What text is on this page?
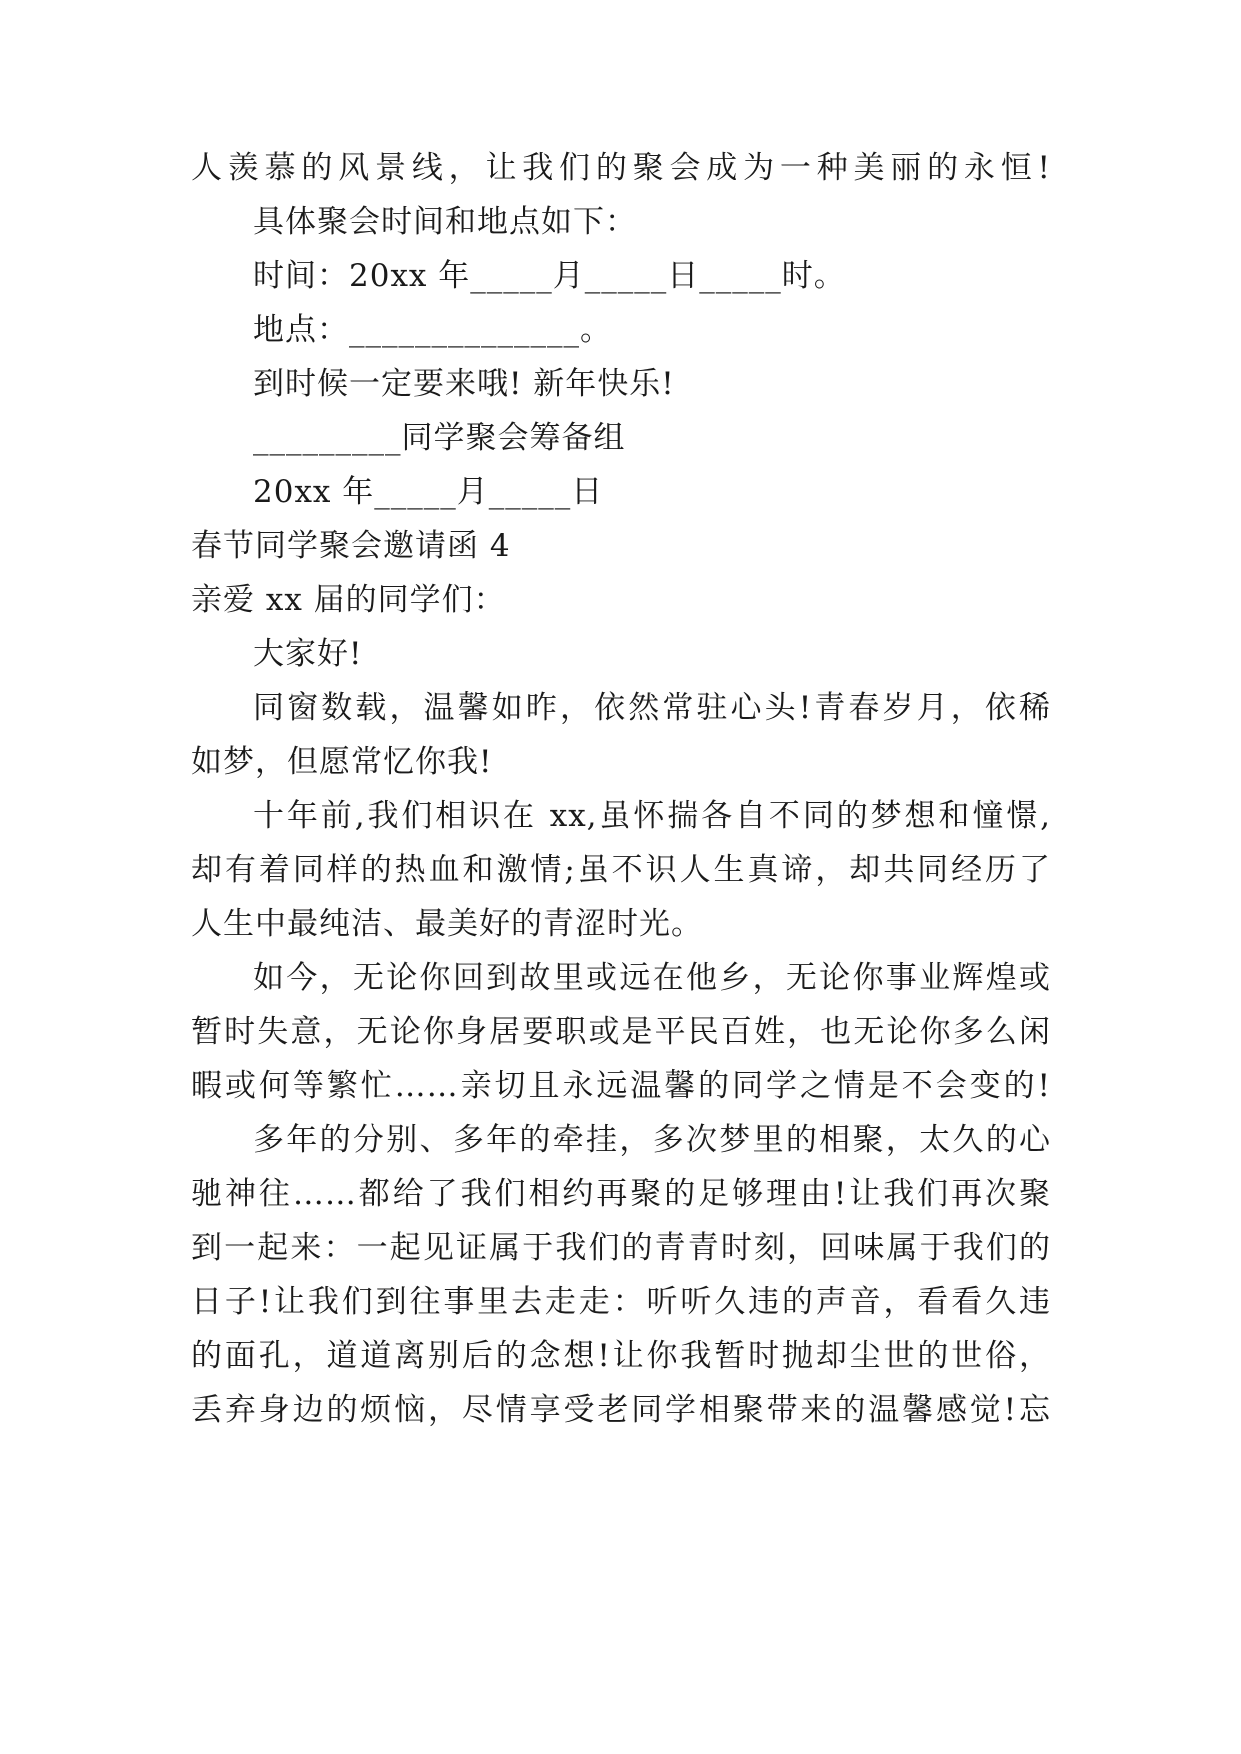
人羡慕的风景线，让我们的聚会成为一种美丽的永恒!
具体聚会时间和地点如下：
时间：20xx 年_____月_____日_____时。
地点：______________。
到时候一定要来哦! 新年快乐!
_________同学聚会筹备组
20xx 年_____月_____日
春节同学聚会邀请函 4
亲爱 xx 届的同学们：
大家好!
同窗数载，温馨如昨，依然常驻心头!青春岁月，依稀
如梦，但愿常忆你我!
十年前,我们相识在 xx,虽怀揣各自不同的梦想和憧憬,
却有着同样的热血和激情;虽不识人生真谛，却共同经历了
人生中最纯洁、最美好的青涩时光。
如今，无论你回到故里或远在他乡，无论你事业辉煌或
暂时失意，无论你身居要职或是平民百姓，也无论你多么闲
暇或何等繁忙……亲切且永远温馨的同学之情是不会变的!
多年的分别、多年的牵挂，多次梦里的相聚，太久的心
驰神往……都给了我们相约再聚的足够理由!让我们再次聚
到一起来：一起见证属于我们的青青时刻，回味属于我们的
日子!让我们到往事里去走走：听听久违的声音，看看久违
的面孔，道道离别后的念想!让你我暂时抛却尘世的世俗，
丢弃身边的烦恼，尽情享受老同学相聚带来的温馨感觉!忘
